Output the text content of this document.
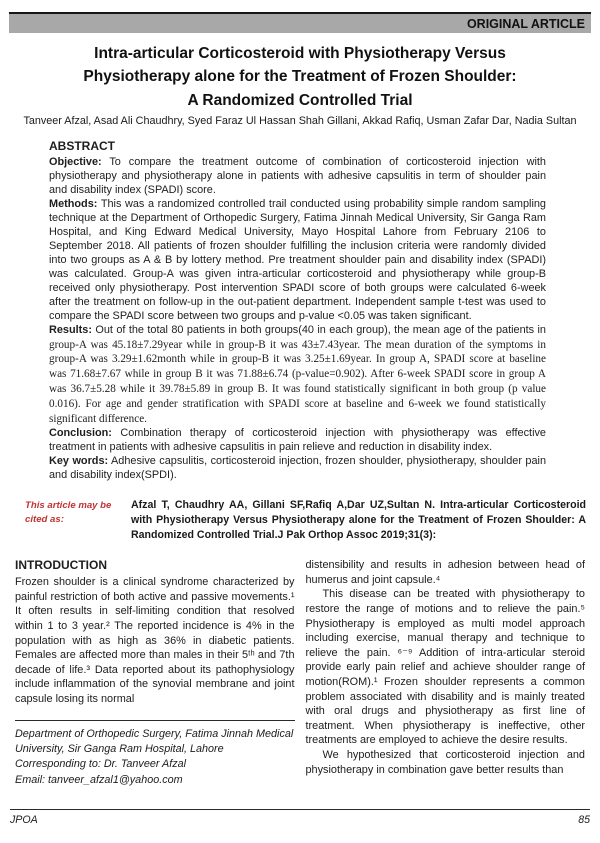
ORIGINAL ARTICLE
Intra-articular Corticosteroid with Physiotherapy Versus
Physiotherapy alone for the Treatment of Frozen Shoulder:
A Randomized Controlled Trial
Tanveer Afzal, Asad Ali Chaudhry, Syed Faraz Ul Hassan Shah Gillani, Akkad Rafiq, Usman Zafar Dar, Nadia Sultan
ABSTRACT

Objective: To compare the treatment outcome of combination of corticosteroid injection with physiotherapy and physiotherapy alone in patients with adhesive capsulitis in term of shoulder pain and disability index (SPADI) score.

Methods: This was a randomized controlled trail conducted using probability simple random sampling technique at the Department of Orthopedic Surgery, Fatima Jinnah Medical University, Sir Ganga Ram Hospital, and King Edward Medical University, Mayo Hospital Lahore from February 2106 to September 2018. All patients of frozen shoulder fulfilling the inclusion criteria were randomly divided into two groups as A & B by lottery method. Pre treatment shoulder pain and disability index (SPADI) was calculated. Group-A was given intra-articular corticosteroid and physiotherapy while group-B received only physiotherapy. Post intervention SPADI score of both groups were calculated 6-week after the treatment on follow-up in the out-patient department. Independent sample t-test was used to compare the SPADI score between two groups and p-value <0.05 was taken significant.

Results: Out of the total 80 patients in both groups(40 in each group), the mean age of the patients in group-A was 45.18±7.29year while in group-B it was 43±7.43year. The mean duration of the symptoms in group-A was 3.29±1.62month while in group-B it was 3.25±1.69year. In group A, SPADI score at baseline was 71.68±7.67 while in group B it was 71.88±6.74 (p-value=0.902). After 6-week SPADI score in group A was 36.7±5.28 while it 39.78±5.89 in group B. It was found statistically significant in both group (p value 0.016). For age and gender stratification with SPADI score at baseline and 6-week we found statistically significant difference.

Conclusion: Combination therapy of corticosteroid injection with physiotherapy was effective treatment in patients with adhesive capsulitis in pain relieve and reduction in disability index.

Key words: Adhesive capsulitis, corticosteroid injection, frozen shoulder, physiotherapy, shoulder pain and disability index(SPDI).

This article may be cited as:
Afzal T, Chaudhry AA, Gillani SF,Rafiq A,Dar UZ,Sultan N. Intra-articular Corticosteroid with Physiotherapy Versus Physiotherapy alone for the Treatment of Frozen Shoulder: A Randomized Controlled Trial.J Pak Orthop Assoc 2019;31(3):
INTRODUCTION

Frozen shoulder is a clinical syndrome characterized by painful restriction of both active and passive movements.¹ It often results in self-limiting condition that resolved within 1 to 3 year.² The reported incidence is 4% in the population with as high as 36% in diabetic patients. Females are affected more than males in their 5ᵗʰ and 7th decade of life.³ Data reported about its pathophysiology include inflammation of the synovial membrane and joint capsule losing its normal

Department of Orthopedic Surgery, Fatima Jinnah Medical University, Sir Ganga Ram Hospital, Lahore
Corresponding to: Dr. Tanveer Afzal
Email: tanveer_afzal1@yahoo.com

distensibility and results in adhesion between head of humerus and joint capsule.⁴

This disease can be treated with physiotherapy to restore the range of motions and to relieve the pain.⁵ Physiotherapy is employed as multi model approach including exercise, manual therapy and technique to relieve the pain. ⁶⁻⁹ Addition of intra-articular steroid provide early pain relief and achieve shoulder range of motion(ROM).¹ Frozen shoulder represents a common problem associated with disability and is mainly treated with oral drugs and physiotherapy as first line of treatment. When physiotherapy is ineffective, other treatments are employed to achieve the desire results.

We hypothesized that corticosteroid injection and physiotherapy in combination gave better results than

JPOA	85
